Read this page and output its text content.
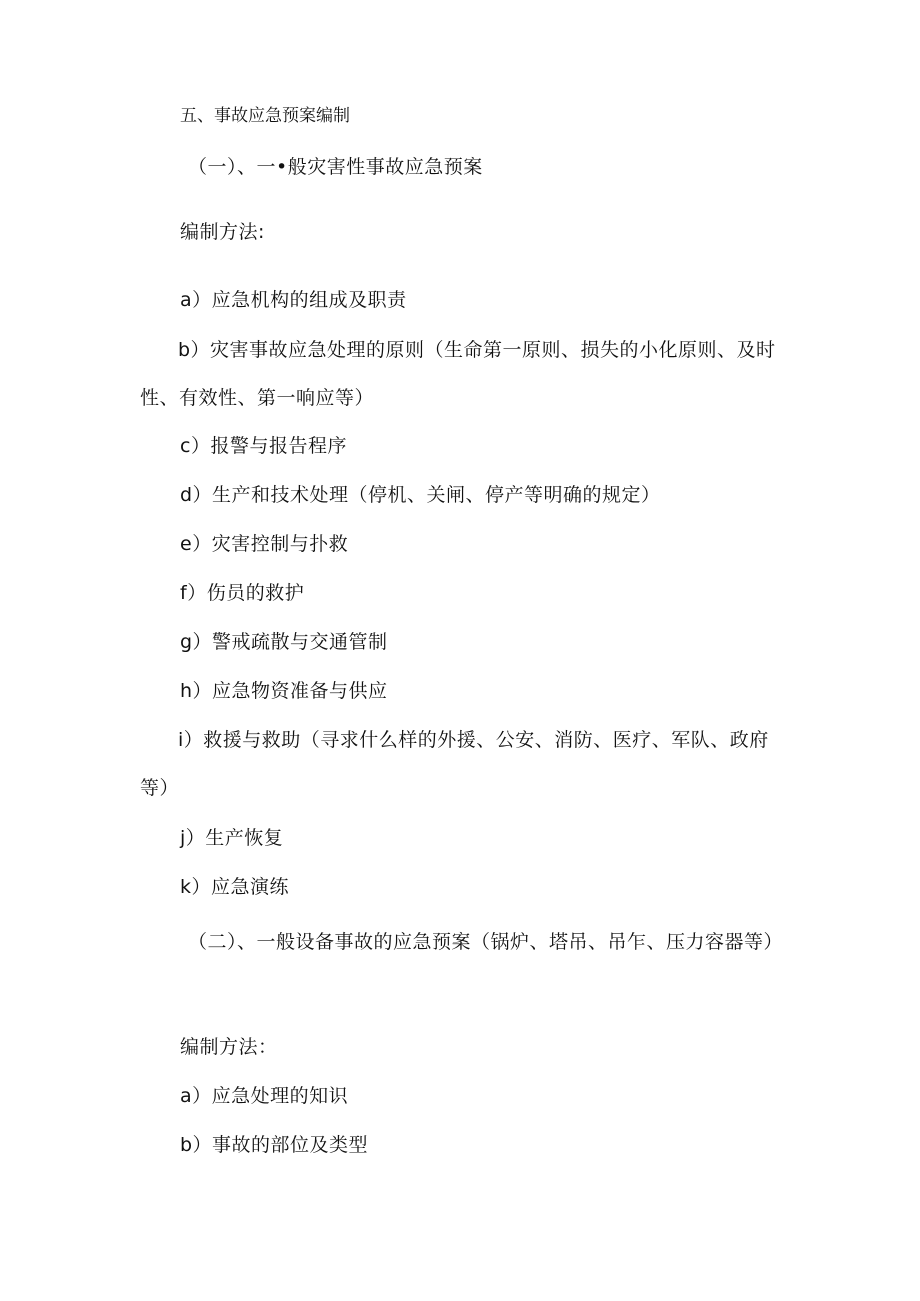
五、事故应急预案编制
（一）、一•般灾害性事故应急预案
编制方法:
a）应急机构的组成及职责
b）灾害事故应急处理的原则（生命第一原则、损失的小化原则、及时性、有效性、第一响应等）
c）报警与报告程序
d）生产和技术处理（停机、关闸、停产等明确的规定）
e）灾害控制与扑救
f）伤员的救护
g）警戒疏散与交通管制
h）应急物资准备与供应
i）救援与救助（寻求什么样的外援、公安、消防、医疗、军队、政府等）
j）生产恢复
k）应急演练
（二）、一般设备事故的应急预案（锅炉、塔吊、吊乍、压力容器等）
编制方法：
a）应急处理的知识
b）事故的部位及类型
